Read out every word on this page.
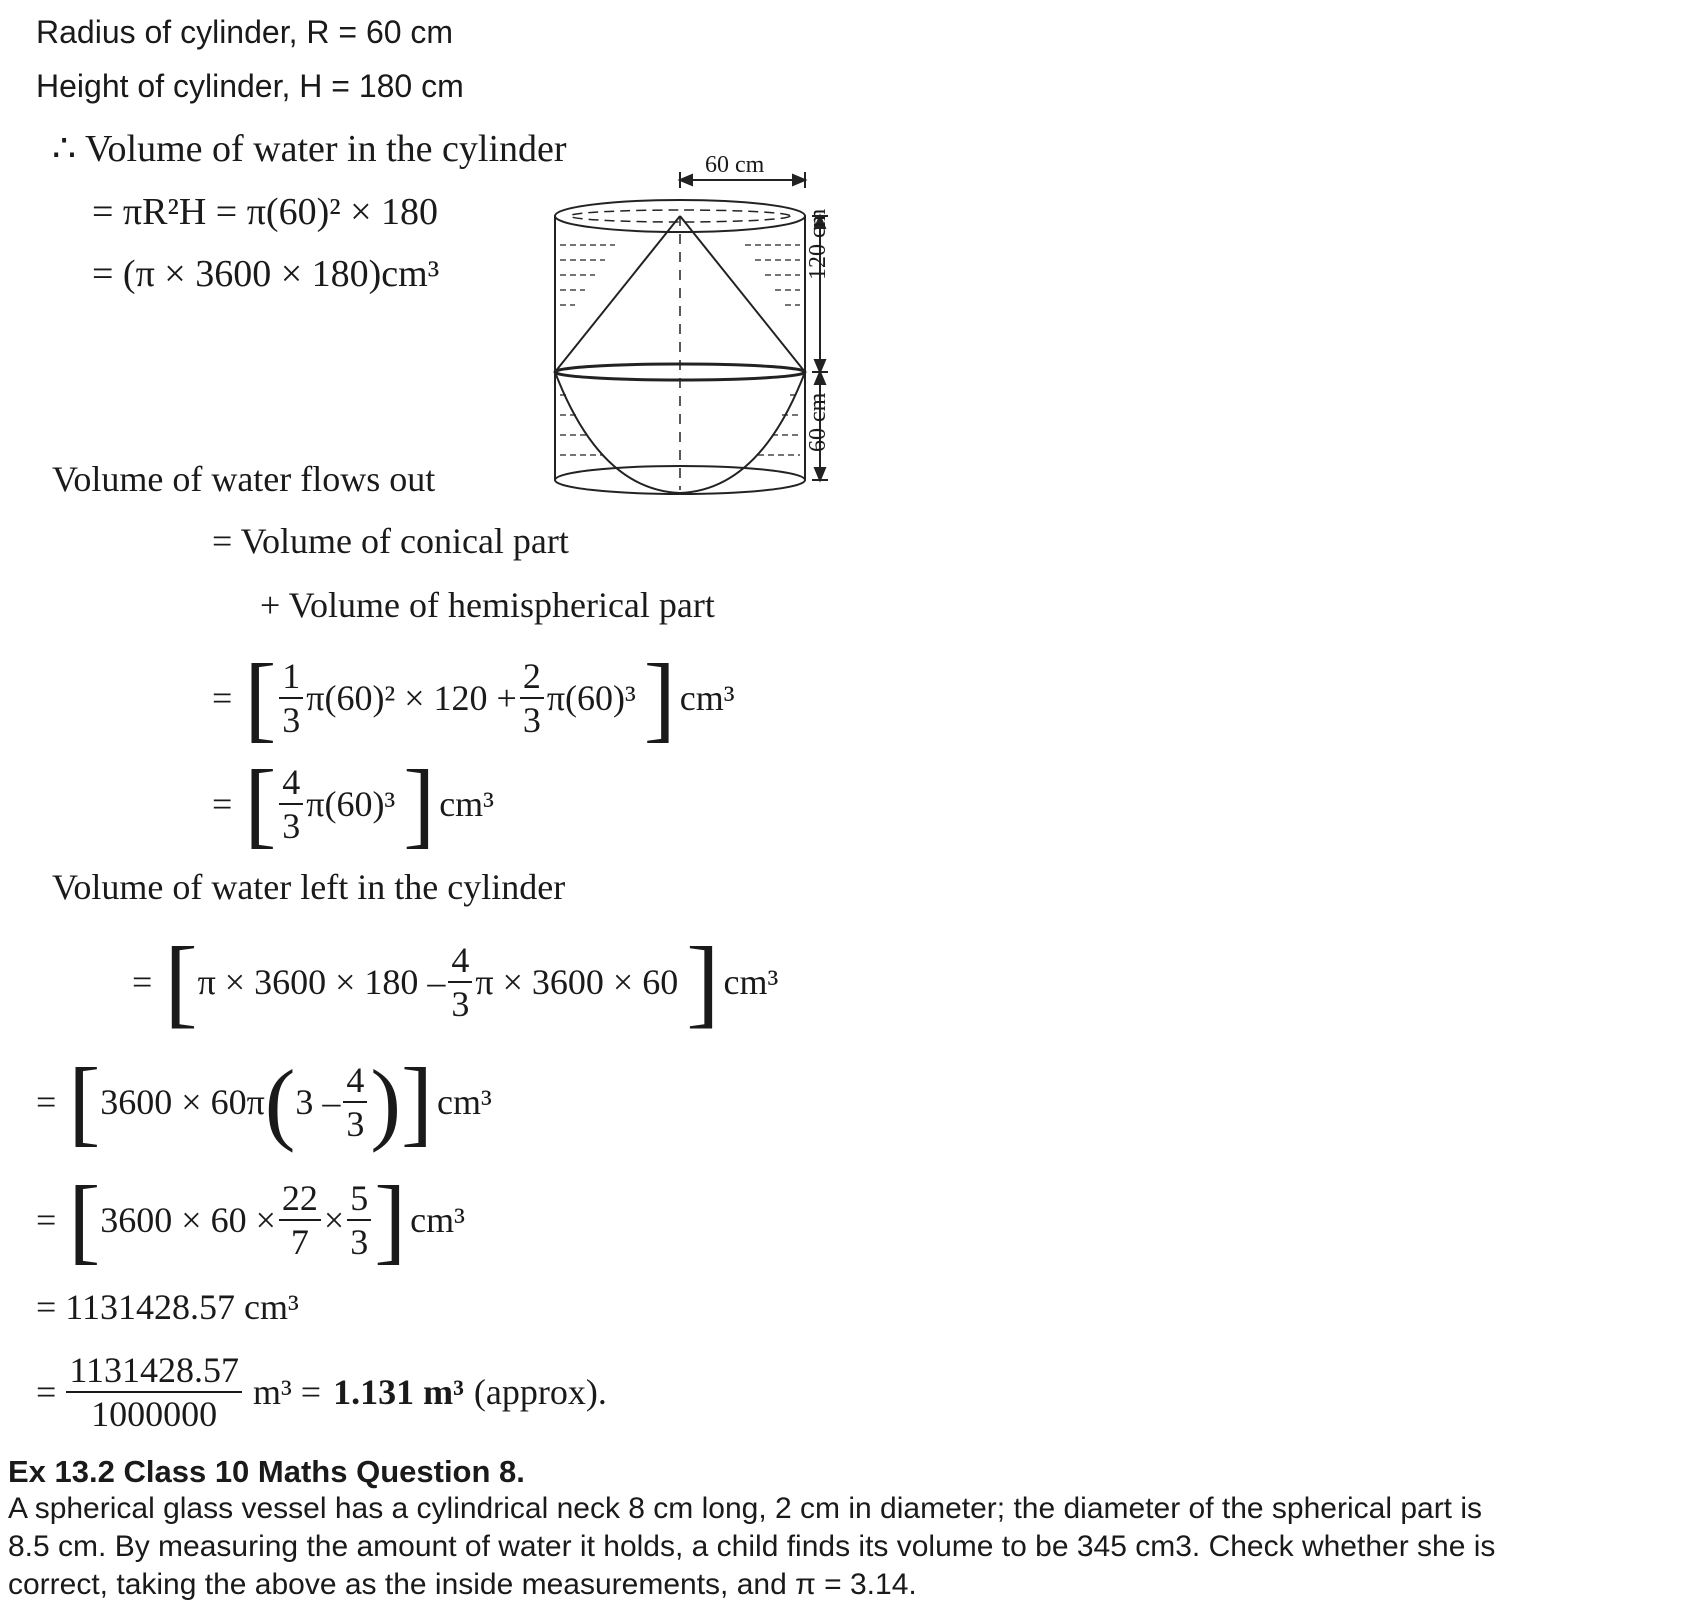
Radius of cylinder, R = 60 cm
Height of cylinder, H = 180 cm
∴ Volume of water in the cylinder
= πR²H = π(60)² × 180
= (π × 3600 × 180)cm³
60 cm
120 cm
60 cm
Volume of water flows out
= Volume of conical part
+ Volume of hemispherical part
= [ $\frac{1}{3} \pi(60)^2 \times 120 + \frac{2}{3} \pi(60)^3$ ] cm³
= [ $\frac{4}{3} \pi(60)^3$ ] cm³
Volume of water left in the cylinder
= [ $\pi \times 3600 \times 180 - \frac{4}{3}$ π × 3600 × 60 ] cm³
= [ 3600 × 60π ( $3 - \frac{4}{3}$ ) ] cm³
= [ $3600 \times 60 \times \frac{22}{7} \times \frac{5}{3}$ ] cm³
= 1131428.57 cm³
= $\frac{1131428.57}{1000000} m^3 = 1.131$ m³ (approx).
Ex 13.2 Class 10 Maths Question 8.
A spherical glass vessel has a cylindrical neck 8 cm long, 2 cm in diameter; the diameter of the spherical part is
8.5 cm. By measuring the amount of water it holds, a child finds its volume to be 345 cm3. Check whether she is
correct, taking the above as the inside measurements, and π = 3.14.
